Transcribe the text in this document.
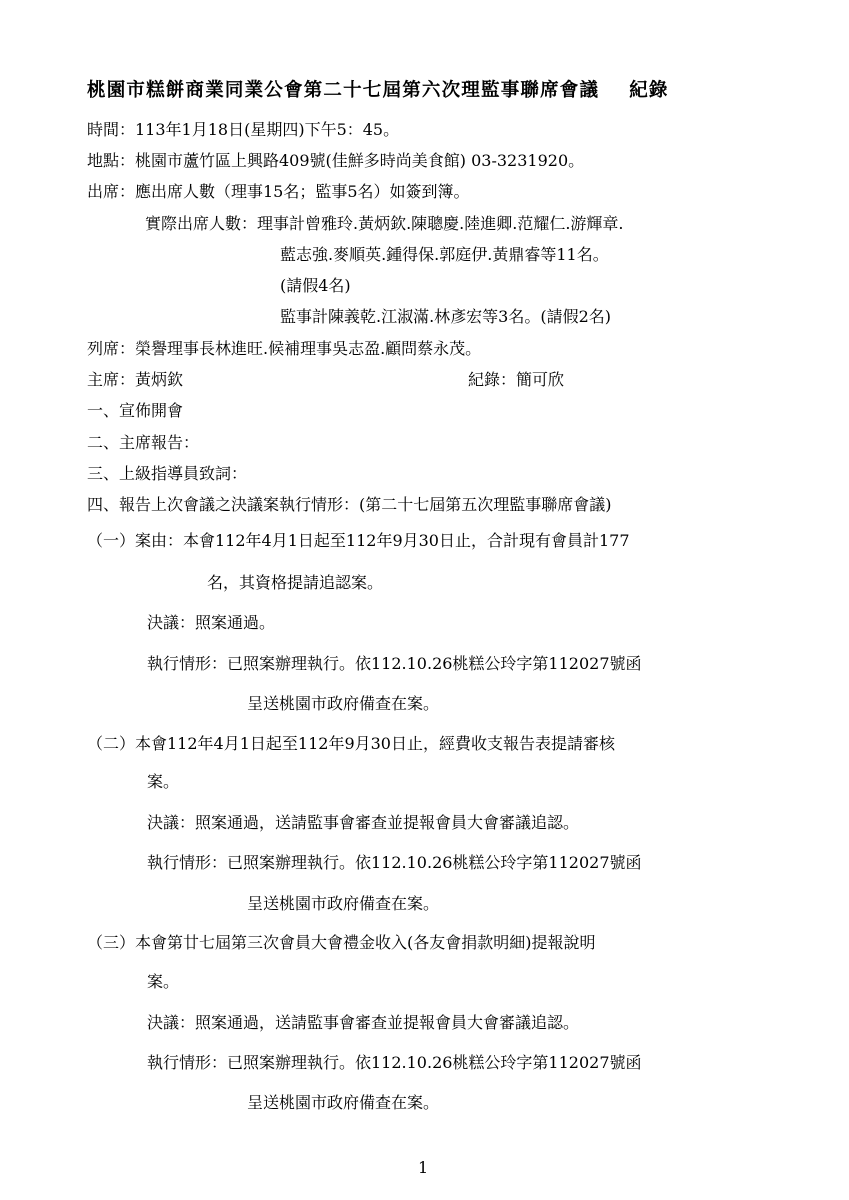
桃園市糕餅商業同業公會第二十七屆第六次理監事聯席會議 紀錄
時間：113年1月18日(星期四)下午5：45。
地點：桃園市蘆竹區上興路409號(佳鮮多時尚美食館) 03-3231920。
出席：應出席人數（理事15名；監事5名）如簽到簿。
實際出席人數：理事計曾雅玲.黃炳欽.陳聰慶.陸進卿.范耀仁.游輝章.
藍志強.麥順英.鍾得保.郭庭伊.黃鼎睿等11名。
(請假4名)
監事計陳義乾.江淑滿.林彥宏等3名。(請假2名)
列席：榮譽理事長林進旺.候補理事吳志盈.顧問蔡永茂。
主席：黃炳欽	紀錄：簡可欣
一、宣佈開會
二、主席報告：
三、上級指導員致詞：
四、報告上次會議之決議案執行情形：(第二十七屆第五次理監事聯席會議)
（一）案由：本會112年4月1日起至112年9月30日止，合計現有會員計177
名，其資格提請追認案。
決議：照案通過。
執行情形：已照案辦理執行。依112.10.26桃糕公玲字第112027號函
呈送桃園市政府備查在案。
（二）本會112年4月1日起至112年9月30日止，經費收支報告表提請審核
案。
決議：照案通過，送請監事會審查並提報會員大會審議追認。
執行情形：已照案辦理執行。依112.10.26桃糕公玲字第112027號函
呈送桃園市政府備查在案。
（三）本會第廿七屆第三次會員大會禮金收入(各友會捐款明細)提報說明
案。
決議：照案通過，送請監事會審查並提報會員大會審議追認。
執行情形：已照案辦理執行。依112.10.26桃糕公玲字第112027號函
呈送桃園市政府備查在案。
1
